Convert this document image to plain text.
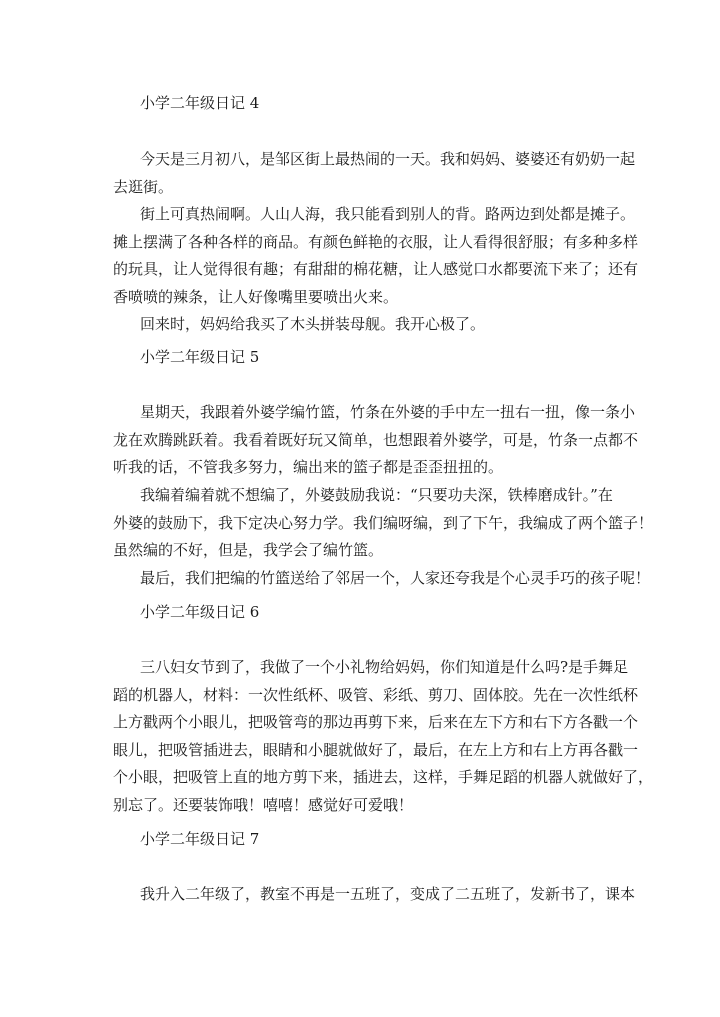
小学二年级日记 4
今天是三月初八，是邹区街上最热闹的一天。我和妈妈、婆婆还有奶奶一起
去逛街。
街上可真热闹啊。人山人海，我只能看到别人的背。路两边到处都是摊子。
摊上摆满了各种各样的商品。有颜色鲜艳的衣服，让人看得很舒服；有多种多样
的玩具，让人觉得很有趣；有甜甜的棉花糖，让人感觉口水都要流下来了；还有
香喷喷的辣条，让人好像嘴里要喷出火来。
回来时，妈妈给我买了木头拼装母舰。我开心极了。
小学二年级日记 5
星期天，我跟着外婆学编竹篮，竹条在外婆的手中左一扭右一扭，像一条小
龙在欢腾跳跃着。我看着既好玩又简单，也想跟着外婆学，可是，竹条一点都不
听我的话，不管我多努力，编出来的篮子都是歪歪扭扭的。
我编着编着就不想编了，外婆鼓励我说：“只要功夫深，铁棒磨成针。”在
外婆的鼓励下，我下定决心努力学。我们编呀编，到了下午，我编成了两个篮子！
虽然编的不好，但是，我学会了编竹篮。
最后，我们把编的竹篮送给了邻居一个，人家还夸我是个心灵手巧的孩子呢！
小学二年级日记 6
三八妇女节到了，我做了一个小礼物给妈妈，你们知道是什么吗?是手舞足
蹈的机器人，材料：一次性纸杯、吸管、彩纸、剪刀、固体胶。先在一次性纸杯
上方戳两个小眼儿，把吸管弯的那边再剪下来，后来在左下方和右下方各戳一个
眼儿，把吸管插进去，眼睛和小腿就做好了，最后，在左上方和右上方再各戳一
个小眼，把吸管上直的地方剪下来，插进去，这样，手舞足蹈的机器人就做好了，
别忘了。还要装饰哦！嘻嘻！感觉好可爱哦！
小学二年级日记 7
我升入二年级了，教室不再是一五班了，变成了二五班了，发新书了，课本
